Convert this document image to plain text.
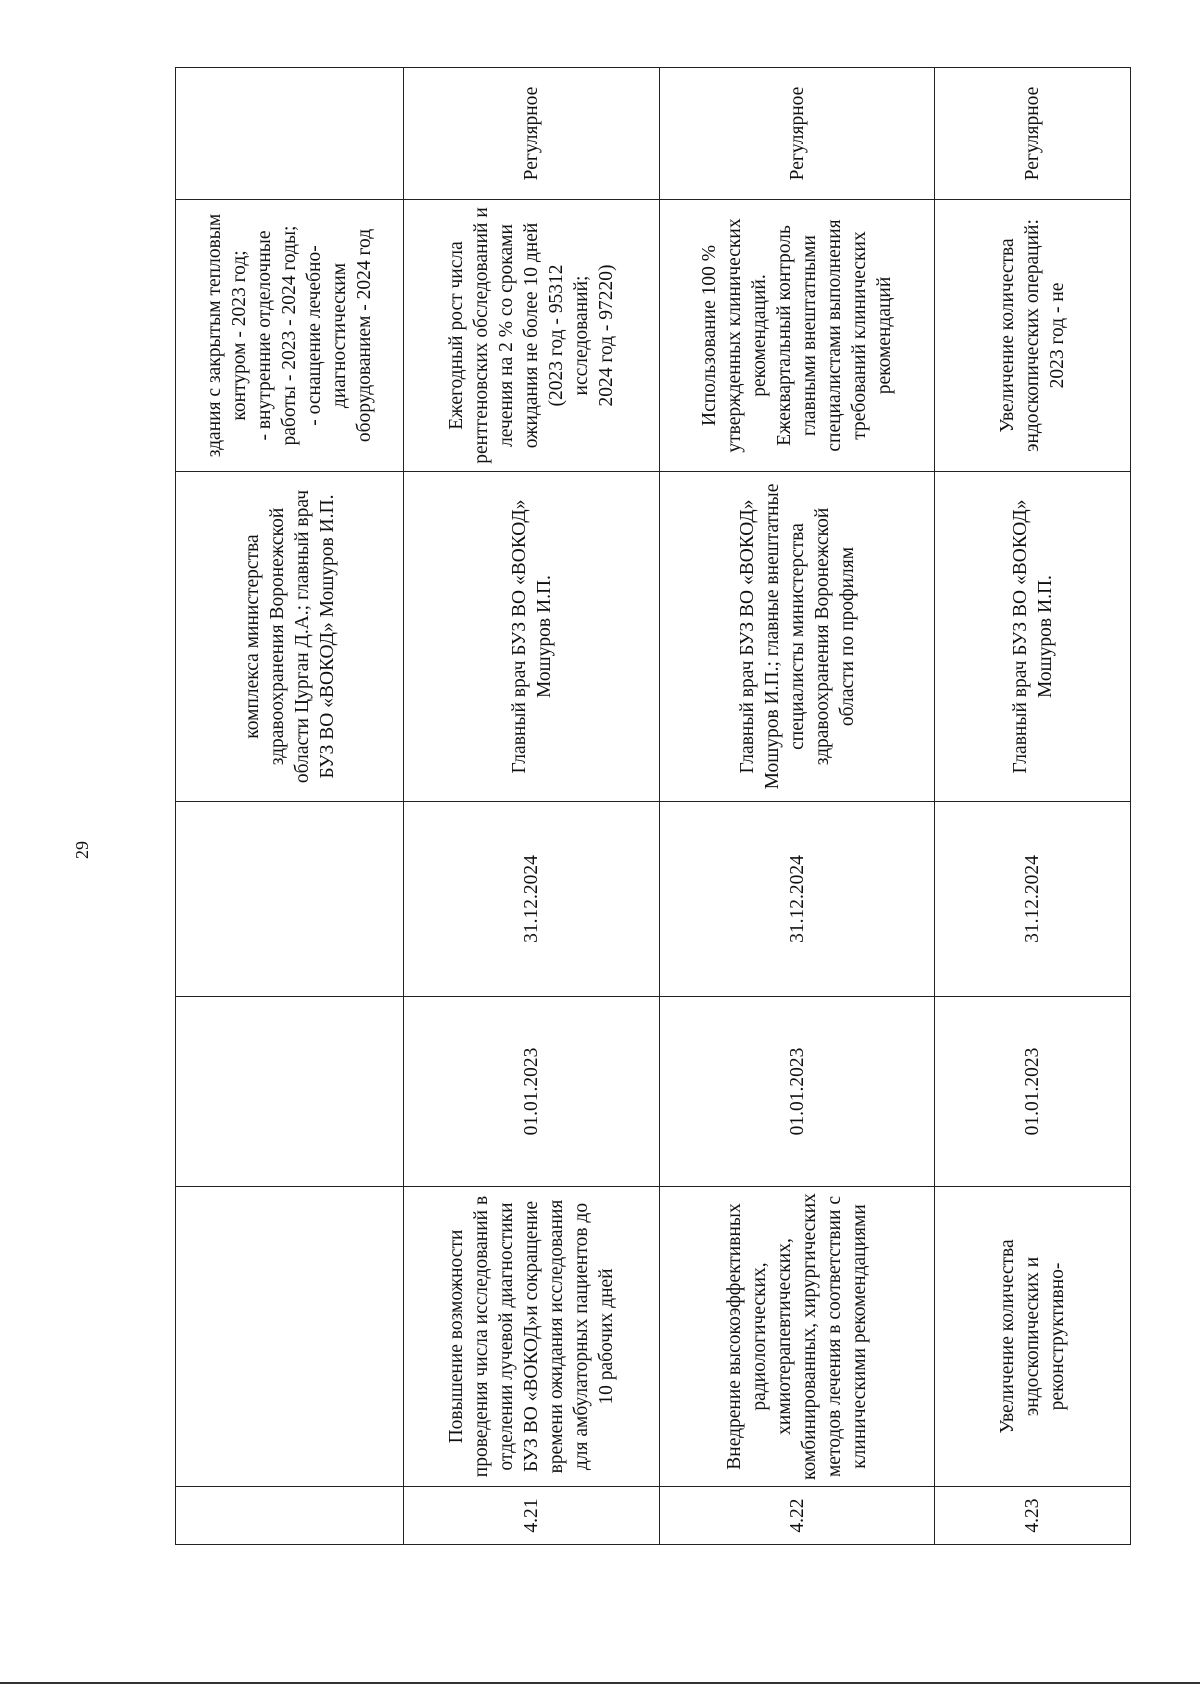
29
				комплекса министерства здравоохранения Воронежской области Цурган Д.А.; главный врач БУЗ ВО «ВОКОД» Мошуров И.П.	здания с закрытым тепловым контуром - 2023 год; - внутренние отделочные работы - 2023 - 2024 годы; - оснащение лечебно-диагностическим оборудованием - 2024 год	
4.21	Повышение возможности проведения числа исследований в отделении лучевой диагностики БУЗ ВО «ВОКОД»и сокращение времени ожидания исследования для амбулаторных пациентов до 10 рабочих дней	01.01.2023	31.12.2024	Главный врач БУЗ ВО «ВОКОД» Мошуров И.П.	Ежегодный рост числа рентгеновских обследований и лечения на 2 % со сроками ожидания не более 10 дней (2023 год - 95312 исследований; 2024 год - 97220)	Регулярное
4.22	Внедрение высокоэффективных радиологических, химиотерапевтических, комбинированных, хирургических методов лечения в соответствии с клиническими рекомендациями	01.01.2023	31.12.2024	Главный врач БУЗ ВО «ВОКОД» Мошуров И.П.; главные внештатные специалисты министерства здравоохранения Воронежской области по профилям	Использование 100 % утвержденных клинических рекомендаций. Ежеквартальный контроль главными внештатными специалистами выполнения требований клинических рекомендаций	Регулярное
4.23	Увеличение количества эндоскопических и реконструктивно-	01.01.2023	31.12.2024	Главный врач БУЗ ВО «ВОКОД» Мошуров И.П.	Увеличение количества эндоскопических операций: 2023 год - не	Регулярное
